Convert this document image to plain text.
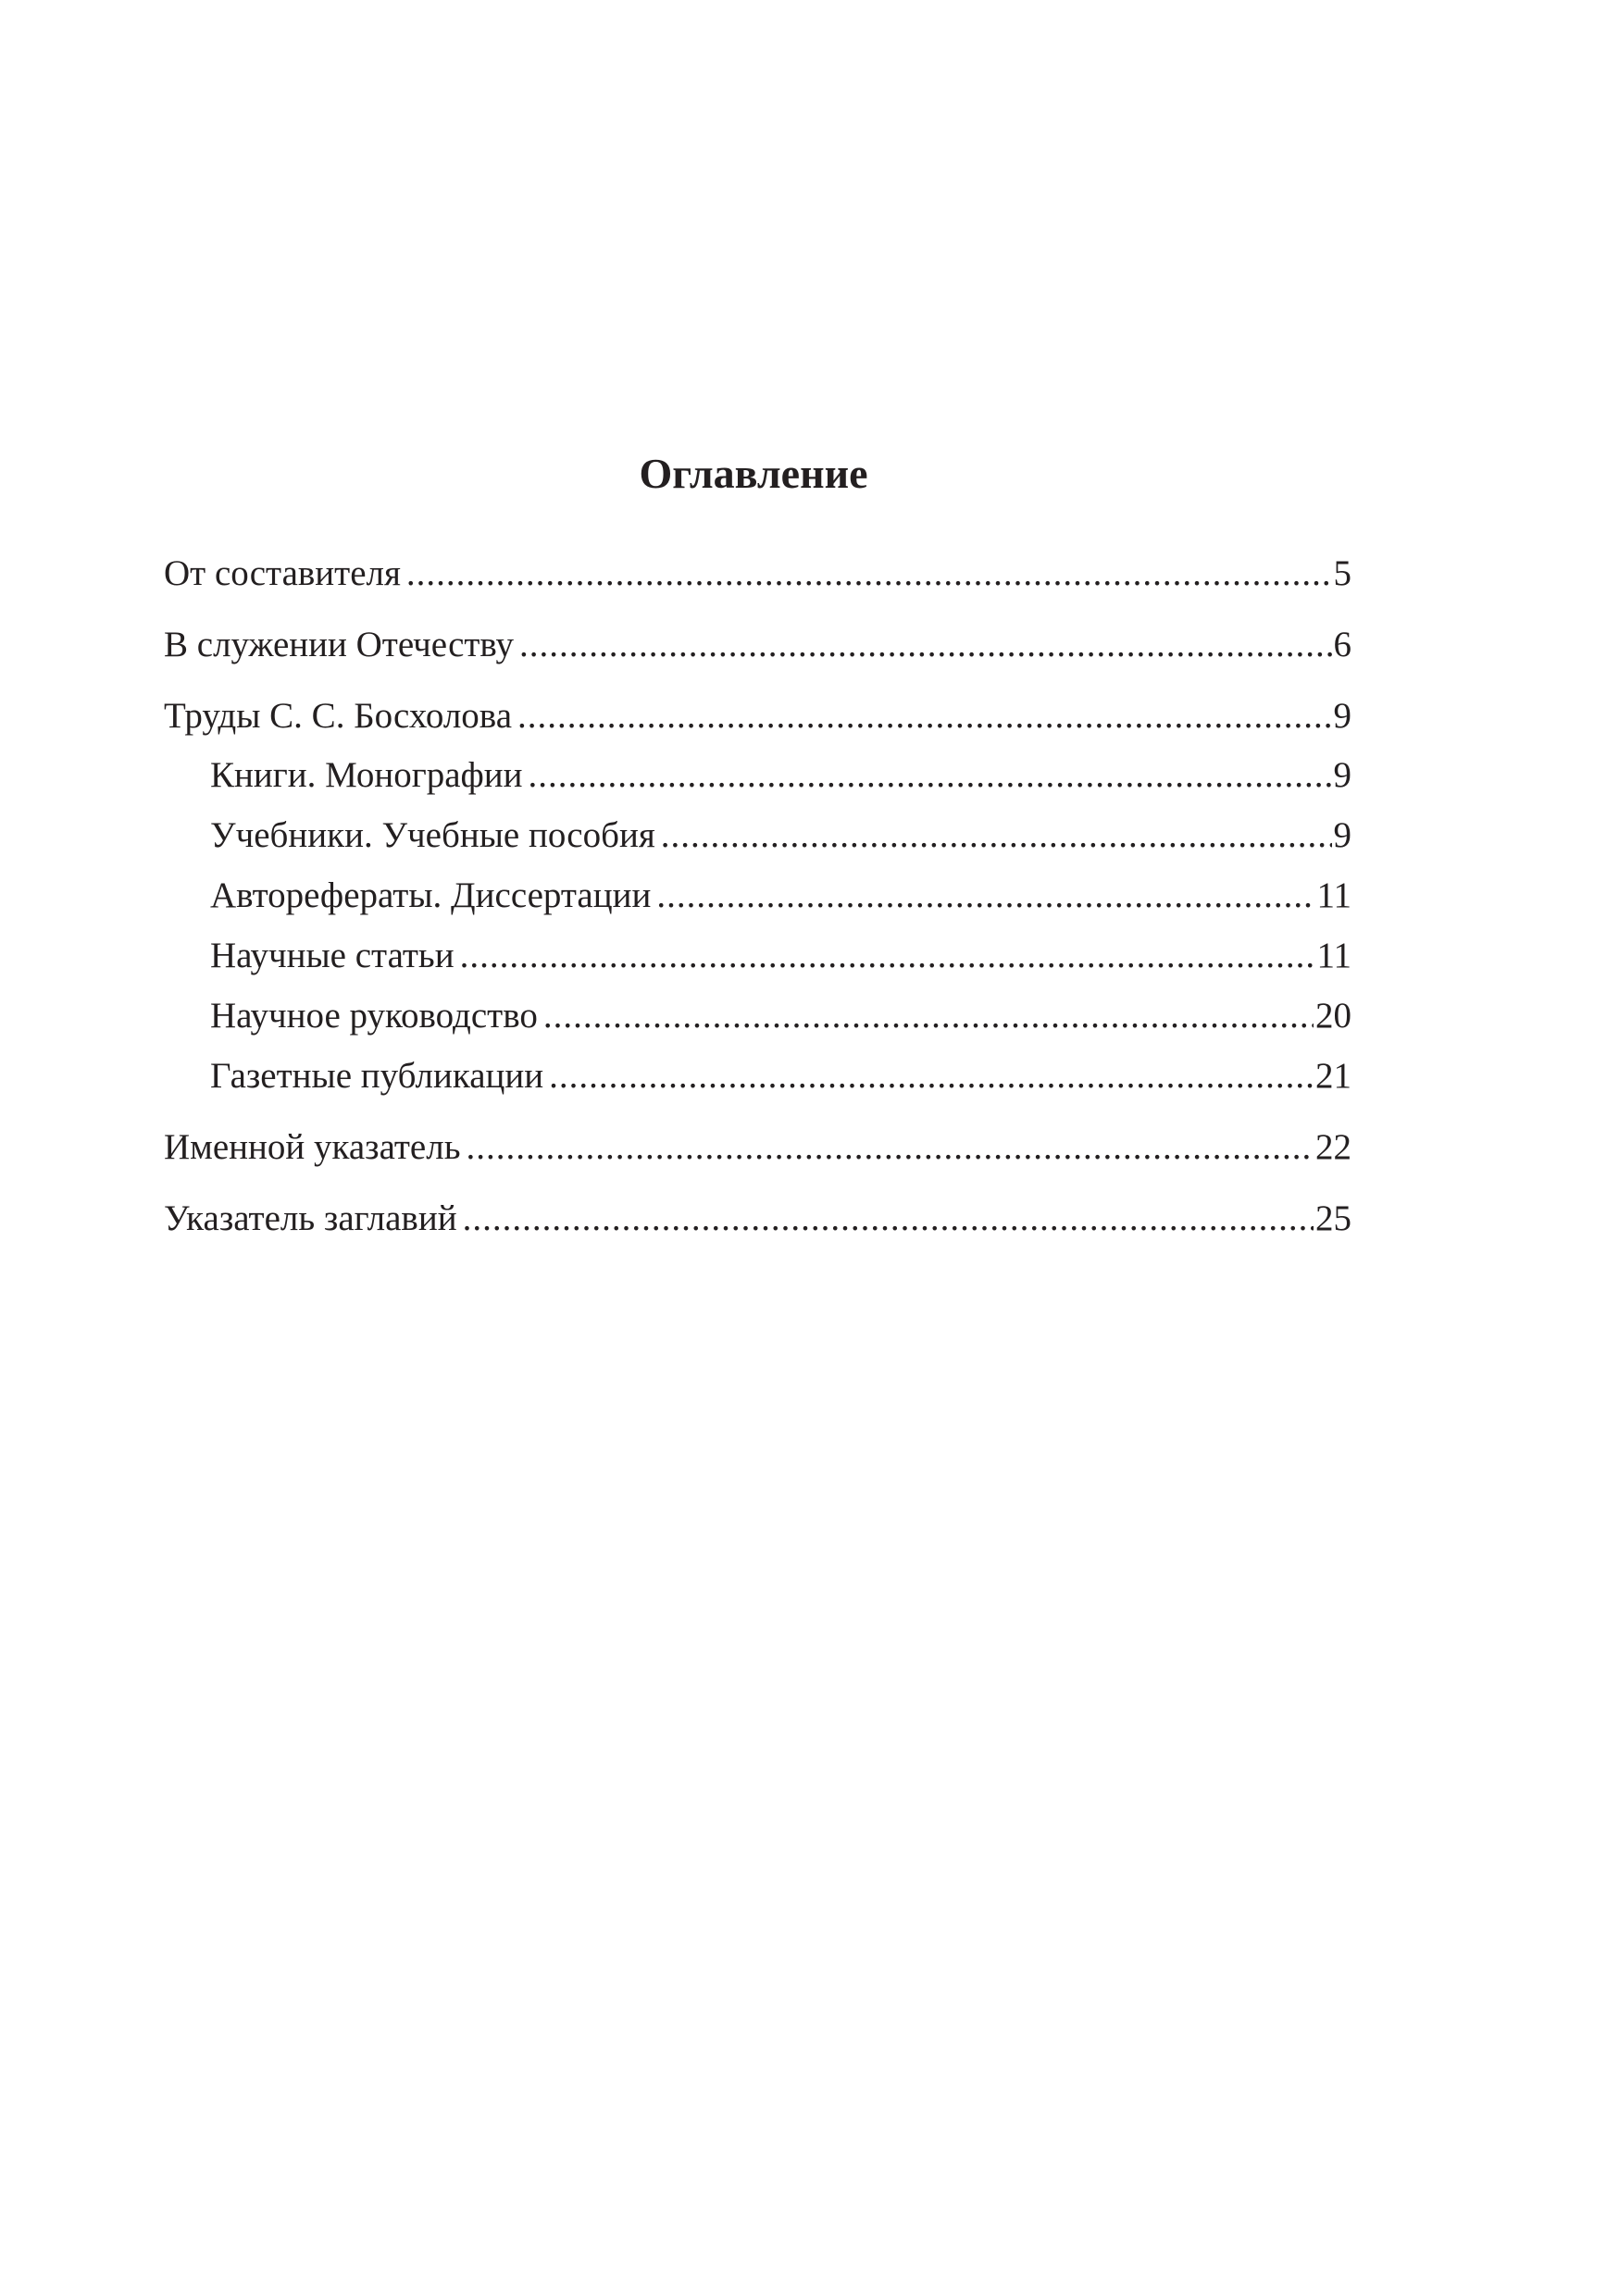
Оглавление
От составителя .....	5
В служении Отечеству .....	6
Труды С. С. Босхолова .....	9
Книги. Монографии .....	9
Учебники. Учебные пособия .....	9
Авторефераты. Диссертации .....	11
Научные статьи .....	11
Научное руководство .....	20
Газетные публикации .....	21
Именной указатель .....	22
Указатель заглавий .....	25
